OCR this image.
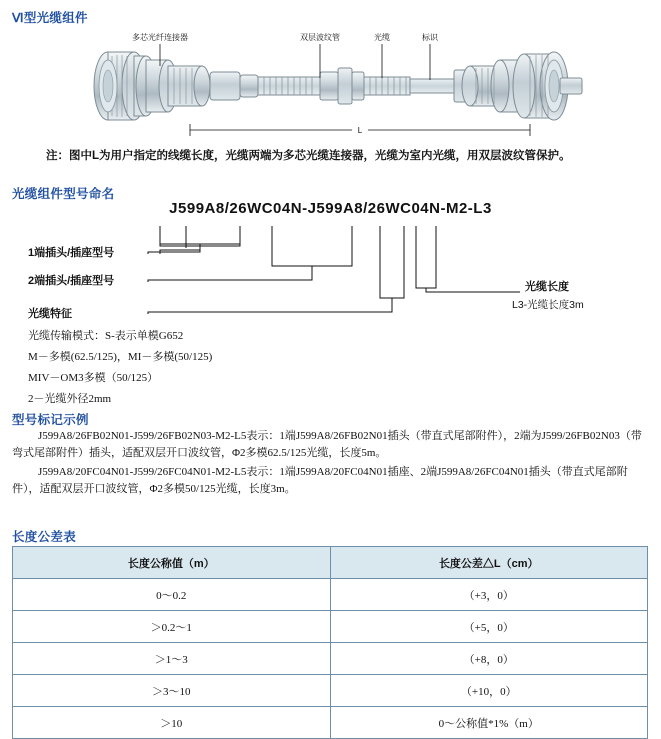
Ⅵ型光缆组件
多芯光纤连接器	双层波纹管	光缆	标识
L
注：图中L为用户指定的线缆长度，光缆两端为多芯光缆连接器，光缆为室内光缆，用双层波纹管保护。
光缆组件型号命名
J599A8/26WC04N-J599A8/26WC04N-M2-L3
1端插头/插座型号
2端插头/插座型号
光缆特征
光缆长度
L3-光缆长度3m
光缆传输模式：S-表示单模G652
M－多模(62.5/125)，MI－多模(50/125)
MIV－OM3多模（50/125）
2－光缆外径2mm
型号标记示例

J599A8/26FB02N01-J599/26FB02N03-M2-L5表示：1端J599A8/26FB02N01插头（带直式尾部附件），2端为J599/26FB02N03（带弯式尾部附件）插头，适配双层开口波纹管，Φ2多模62.5/125光缆，长度5m。

J599A8/20FC04N01-J599/26FC04N01-M2-L5表示：1端J599A8/20FC04N01插座、2端J599A8/26FC04N01插头（带直式尾部附件），适配双层开口波纹管，Φ2多模50/125光缆，长度3m。

长度公差表
长度公称值（m）	长度公差△L（cm）
0～0.2	（+3，0）
＞0.2～1	（+5，0）
＞1～3	（+8，0）
＞3～10	（+10，0）
＞10	0～公称值*1%（m）
